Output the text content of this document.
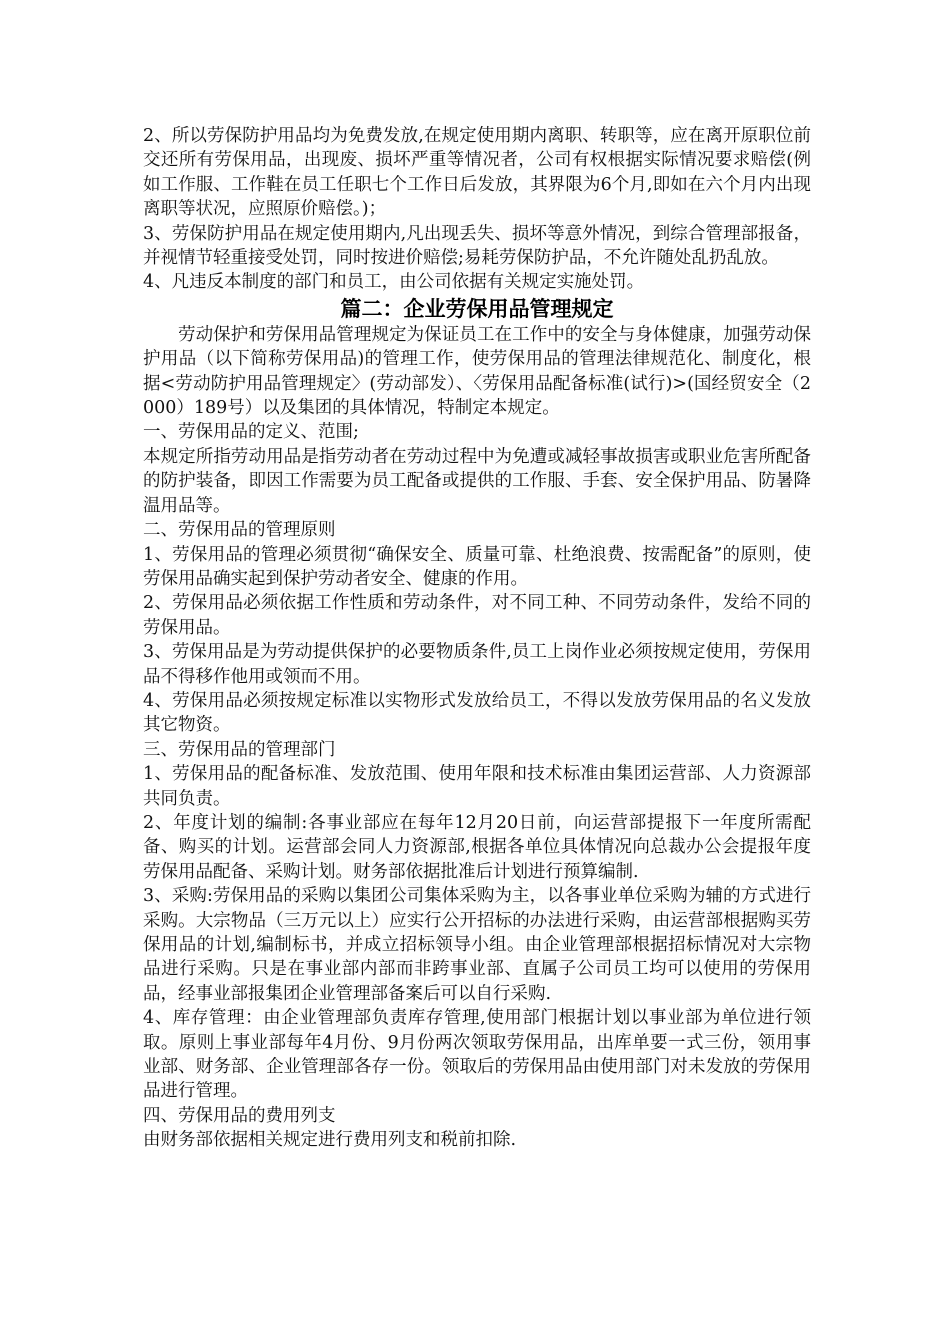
2、所以劳保防护用品均为免费发放,在规定使用期内离职、转职等，应在离开原职位前交还所有劳保用品，出现废、损坏严重等情况者，公司有权根据实际情况要求赔偿(例如工作服、工作鞋在员工任职七个工作日后发放，其界限为6个月,即如在六个月内出现离职等状况，应照原价赔偿。)；

3、劳保防护用品在规定使用期内,凡出现丢失、损坏等意外情况，到综合管理部报备，并视情节轻重接受处罚，同时按进价赔偿;易耗劳保防护品，不允许随处乱扔乱放。

4、凡违反本制度的部门和员工，由公司依据有关规定实施处罚。

篇二：企业劳保用品管理规定

劳动保护和劳保用品管理规定为保证员工在工作中的安全与身体健康，加强劳动保护用品（以下简称劳保用品)的管理工作，使劳保用品的管理法律规范化、制度化，根据<劳动防护用品管理规定〉(劳动部发）、〈劳保用品配备标准(试行)>(国经贸安全（2000）189号）以及集团的具体情况，特制定本规定。

一、劳保用品的定义、范围;

本规定所指劳动用品是指劳动者在劳动过程中为免遭或减轻事故损害或职业危害所配备的防护装备，即因工作需要为员工配备或提供的工作服、手套、安全保护用品、防暑降温用品等。

二、劳保用品的管理原则

1、劳保用品的管理必须贯彻“确保安全、质量可靠、杜绝浪费、按需配备”的原则，使劳保用品确实起到保护劳动者安全、健康的作用。

2、劳保用品必须依据工作性质和劳动条件，对不同工种、不同劳动条件，发给不同的劳保用品。

3、劳保用品是为劳动提供保护的必要物质条件,员工上岗作业必须按规定使用，劳保用品不得移作他用或领而不用。

4、劳保用品必须按规定标准以实物形式发放给员工，不得以发放劳保用品的名义发放其它物资。

三、劳保用品的管理部门

1、劳保用品的配备标准、发放范围、使用年限和技术标准由集团运营部、人力资源部共同负责。

2、年度计划的编制:各事业部应在每年12月20日前，向运营部提报下一年度所需配备、购买的计划。运营部会同人力资源部,根据各单位具体情况向总裁办公会提报年度劳保用品配备、采购计划。财务部依据批准后计划进行预算编制.

3、采购:劳保用品的采购以集团公司集体采购为主，以各事业单位采购为辅的方式进行采购。大宗物品（三万元以上）应实行公开招标的办法进行采购，由运营部根据购买劳保用品的计划,编制标书，并成立招标领导小组。由企业管理部根据招标情况对大宗物品进行采购。只是在事业部内部而非跨事业部、直属子公司员工均可以使用的劳保用品，经事业部报集团企业管理部备案后可以自行采购.

4、库存管理：由企业管理部负责库存管理,使用部门根据计划以事业部为单位进行领取。原则上事业部每年4月份、9月份两次领取劳保用品，出库单要一式三份，领用事业部、财务部、企业管理部各存一份。领取后的劳保用品由使用部门对未发放的劳保用品进行管理。

四、劳保用品的费用列支

由财务部依据相关规定进行费用列支和税前扣除.
